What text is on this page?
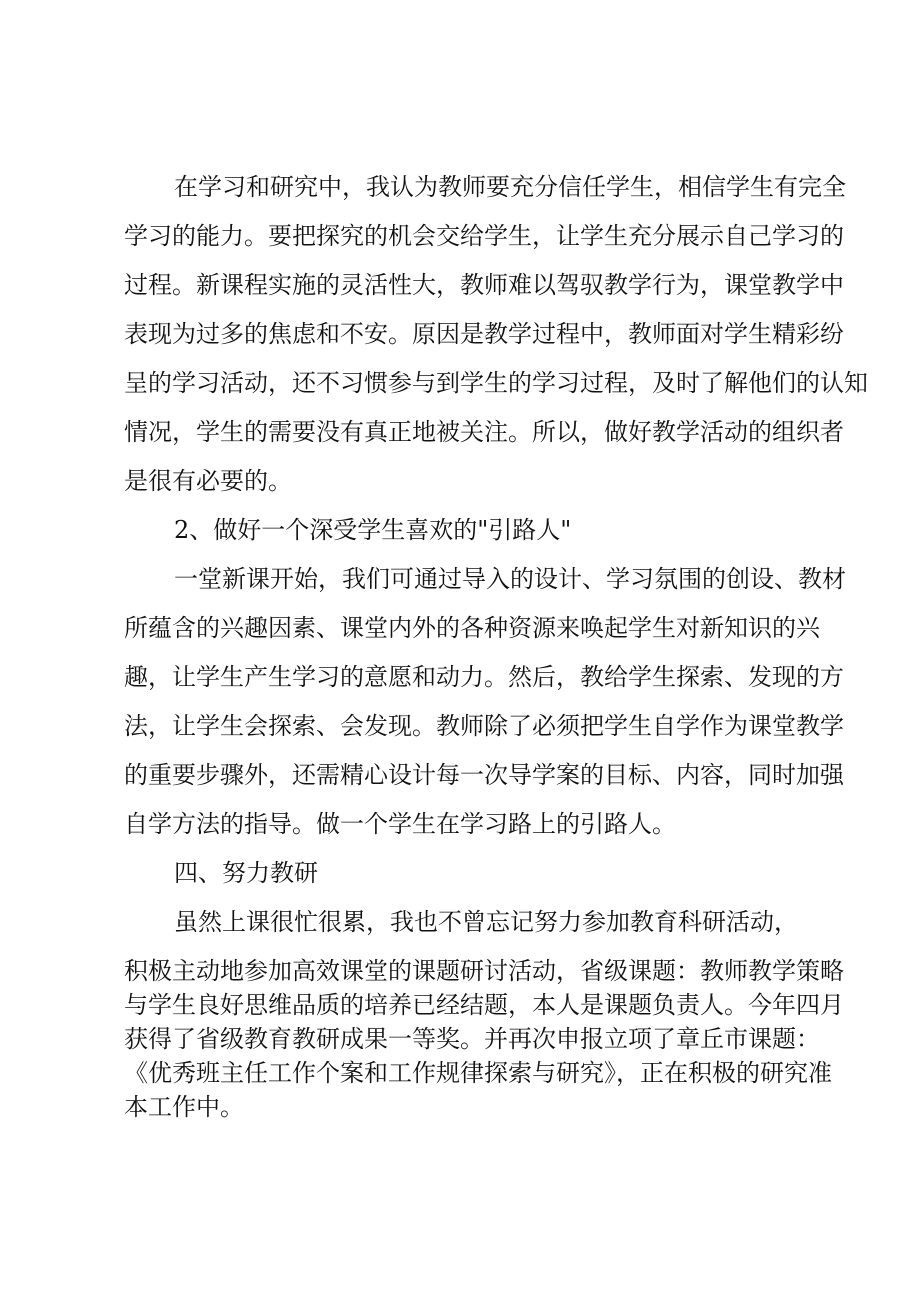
在学习和研究中，我认为教师要充分信任学生，相信学生有完全

学习的能力。要把探究的机会交给学生，让学生充分展示自己学习的

过程。新课程实施的灵活性大，教师难以驾驭教学行为，课堂教学中

表现为过多的焦虑和不安。原因是教学过程中，教师面对学生精彩纷

呈的学习活动，还不习惯参与到学生的学习过程，及时了解他们的认知

情况，学生的需要没有真正地被关注。所以，做好教学活动的组织者

是很有必要的。

2、做好一个深受学生喜欢的"引路人"

一堂新课开始，我们可通过导入的设计、学习氛围的创设、教材

所蕴含的兴趣因素、课堂内外的各种资源来唤起学生对新知识的兴

趣，让学生产生学习的意愿和动力。然后，教给学生探索、发现的方

法，让学生会探索、会发现。教师除了必须把学生自学作为课堂教学

的重要步骤外，还需精心设计每一次导学案的目标、内容，同时加强

自学方法的指导。做一个学生在学习路上的引路人。

四、努力教研

虽然上课很忙很累，我也不曾忘记努力参加教育科研活动，

积极主动地参加高效课堂的课题研讨活动，省级课题：教师教学策略

与学生良好思维品质的培养已经结题，本人是课题负责人。今年四月

获得了省级教育教研成果一等奖。并再次申报立项了章丘市课题：

《优秀班主任工作个案和工作规律探索与研究》，正在积极的研究准

本工作中。
